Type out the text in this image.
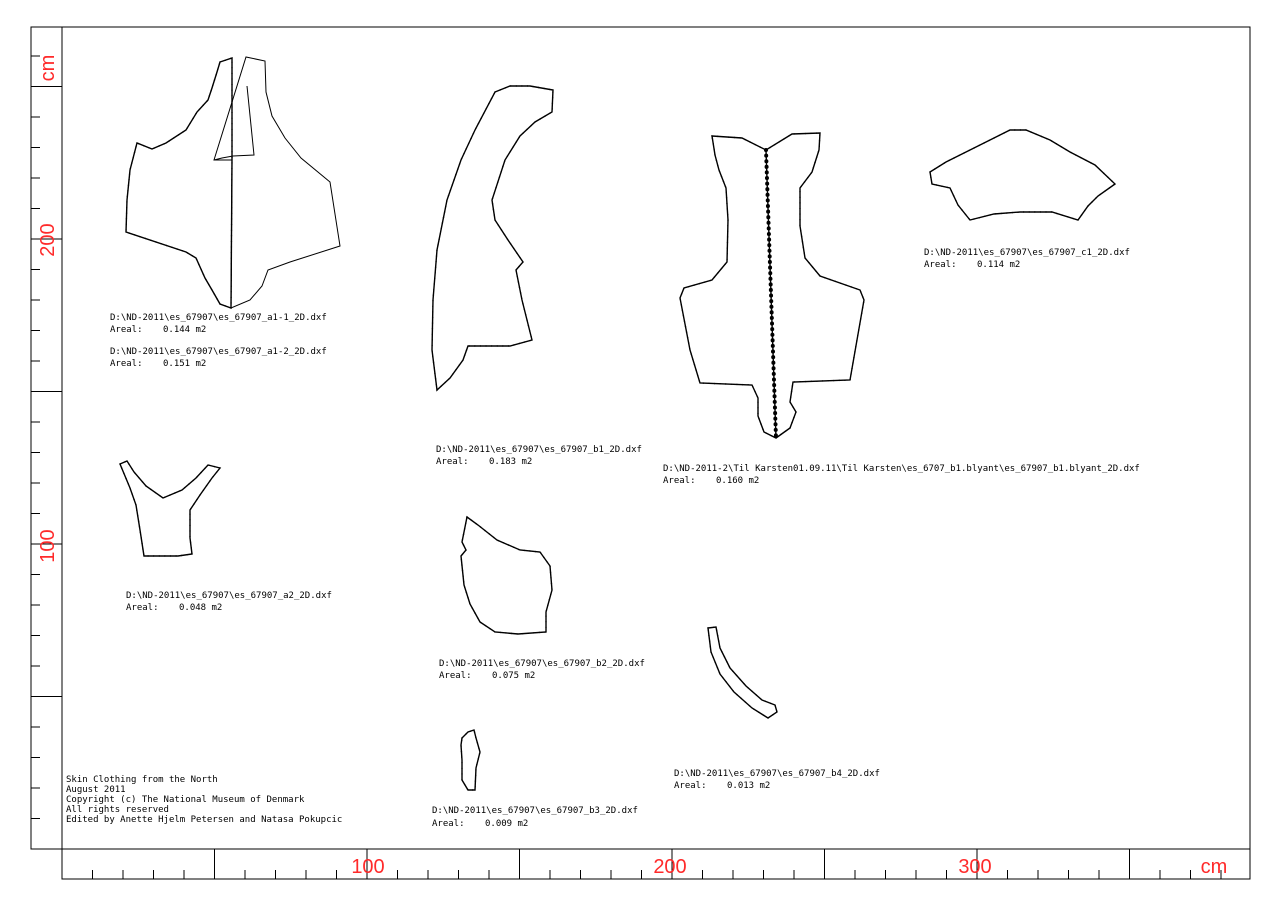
cm
200
100
100	200	300	cm
D:\ND-2011\es_67907\es_67907_a1-1_2D.dxf
Areal: 0.144 m2
D:\ND-2011\es_67907\es_67907_a1-2_2D.dxf
Areal: 0.151 m2
D:\ND-2011\es_67907\es_67907_b1_2D.dxf
Areal: 0.183 m2
D:\ND-2011-2\Til Karsten01.09.11\Til Karsten\es_6707_b1.blyant\es_67907_b1.blyant_2D.dxf
Areal: 0.160 m2
D:\ND-2011\es_67907\es_67907_c1_2D.dxf
Areal: 0.114 m2
D:\ND-2011\es_67907\es_67907_a2_2D.dxf
Areal: 0.048 m2
D:\ND-2011\es_67907\es_67907_b2_2D.dxf
Areal: 0.075 m2
D:\ND-2011\es_67907\es_67907_b4_2D.dxf
Areal: 0.013 m2
D:\ND-2011\es_67907\es_67907_b3_2D.dxf
Areal: 0.009 m2
Skin Clothing from the North
August 2011
Copyright (c) The National Museum of Denmark
All rights reserved
Edited by Anette Hjelm Petersen and Natasa Pokupcic
